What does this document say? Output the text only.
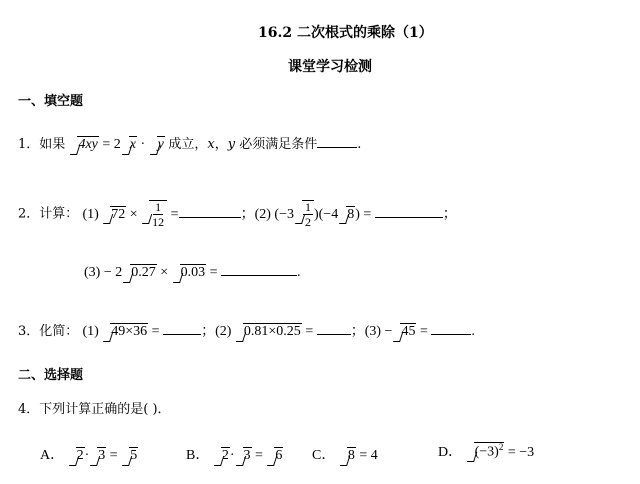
16.2 二次根式的乘除（1）
课堂学习检测
一、填空题
1．如果 4xy = 2 x · y 成立，x，y 必须满足条件	.
2．计算： (1) $72 \times \frac{1}{12}$ =	；(2) $(-3 \frac{1}{2} )(-4$ 8) =	；
(3) − 2 0.27 × 0.03 =	.
3．化简： (1) 49×36 =	；(2) 0.81×0.25 =	；(3) − 45 =	.
二、选择题
4．下列计算正确的是( )．
A． 2· 3 = 5	B． 2· 3 = 6 C． 8 = 4	D． $(-3)^2 = -3$
